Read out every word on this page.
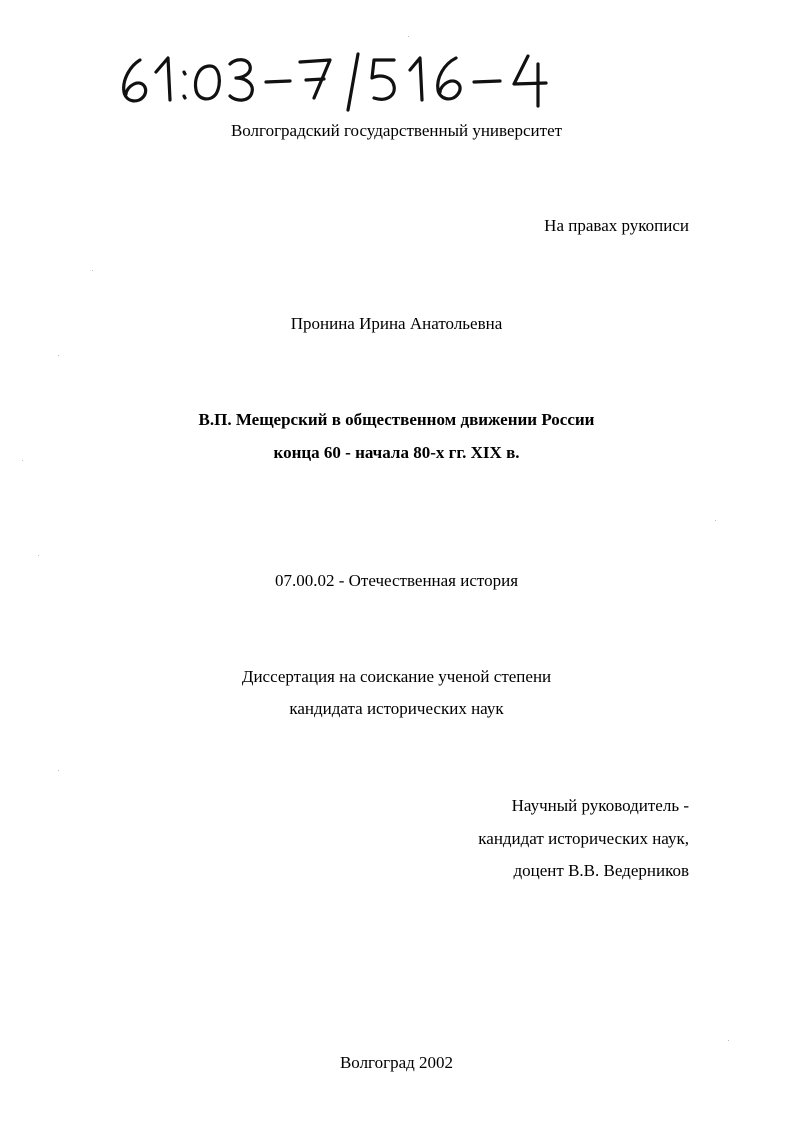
Волгоградский государственный университет
На правах рукописи
Пронина Ирина Анатольевна
В.П. Мещерский в общественном движении России
конца 60 - начала 80-х гг. XIX в.
07.00.02 - Отечественная история
Диссертация на соискание ученой степени
кандидата исторических наук
Научный руководитель -
кандидат исторических наук,
доцент В.В. Ведерников
Волгоград 2002
